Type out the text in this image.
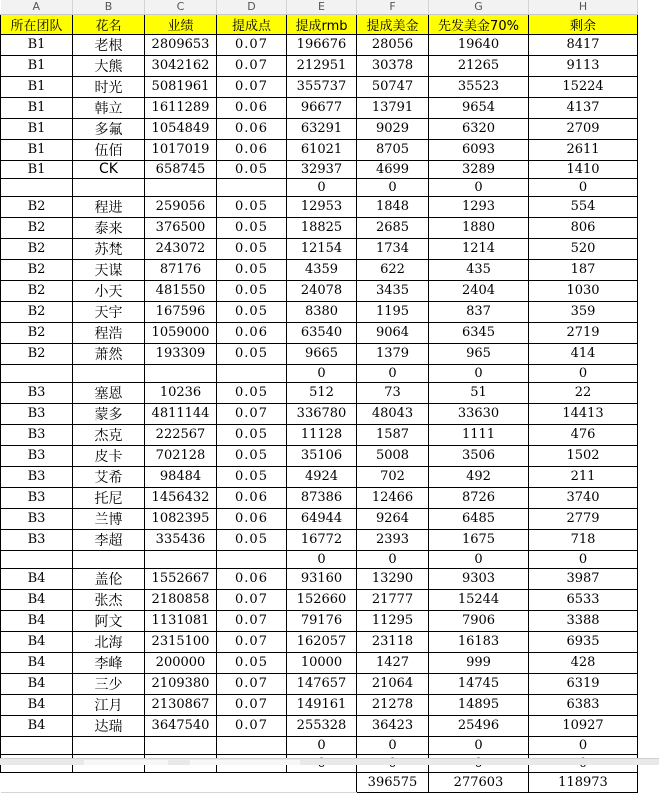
A	B	C	D	E	F	G	H
所在团队	花名	业绩	提成点	提成rmb	提成美金	先发美金70%	剩余
B1	老根	2809653	0.07	196676	28056	19640	8417
B1	大熊	3042162	0.07	212951	30378	21265	9113
B1	时光	5081961	0.07	355737	50747	35523	15224
B1	韩立	1611289	0.06	96677	13791	9654	4137
B1	多氟	1054849	0.06	63291	9029	6320	2709
B1	伍佰	1017019	0.06	61021	8705	6093	2611
B1	CK	658745	0.05	32937	4699	3289	1410
				0	0	0	0
B2	程进	259056	0.05	12953	1848	1293	554
B2	泰来	376500	0.05	18825	2685	1880	806
B2	苏梵	243072	0.05	12154	1734	1214	520
B2	天谋	87176	0.05	4359	622	435	187
B2	小天	481550	0.05	24078	3435	2404	1030
B2	天宇	167596	0.05	8380	1195	837	359
B2	程浩	1059000	0.06	63540	9064	6345	2719
B2	萧然	193309	0.05	9665	1379	965	414
				0	0	0	0
B3	塞恩	10236	0.05	512	73	51	22
B3	蒙多	4811144	0.07	336780	48043	33630	14413
B3	杰克	222567	0.05	11128	1587	1111	476
B3	皮卡	702128	0.05	35106	5008	3506	1502
B3	艾希	98484	0.05	4924	702	492	211
B3	托尼	1456432	0.06	87386	12466	8726	3740
B3	兰博	1082395	0.06	64944	9264	6485	2779
B3	李超	335436	0.05	16772	2393	1675	718
				0	0	0	0
B4	盖伦	1552667	0.06	93160	13290	9303	3987
B4	张杰	2180858	0.07	152660	21777	15244	6533
B4	阿文	1131081	0.07	79176	11295	7906	3388
B4	北海	2315100	0.07	162057	23118	16183	6935
B4	李峰	200000	0.05	10000	1427	999	428
B4	三少	2109380	0.07	147657	21064	14745	6319
B4	江月	2130867	0.07	149161	21278	14895	6383
B4	达瑞	3647540	0.07	255328	36423	25496	10927
				0	0	0	0

					396575	277603	118973
